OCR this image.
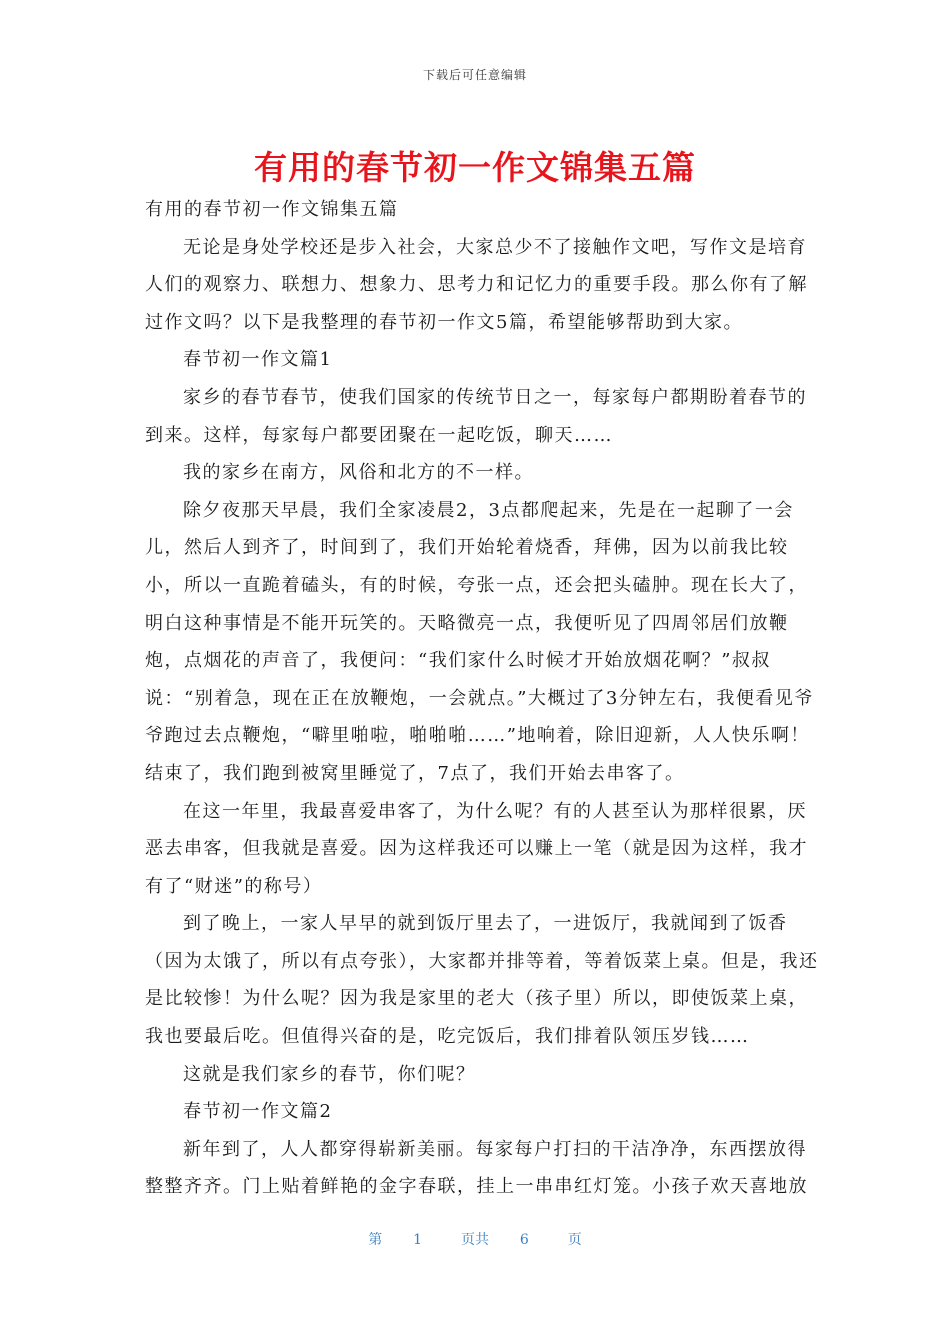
下载后可任意编辑
有用的春节初一作文锦集五篇

有用的春节初一作文锦集五篇

无论是身处学校还是步入社会，大家总少不了接触作文吧，写作文是培育人们的观察力、联想力、想象力、思考力和记忆力的重要手段。那么你有了解过作文吗？以下是我整理的春节初一作文5篇，希望能够帮助到大家。

春节初一作文篇1

家乡的春节春节，使我们国家的传统节日之一，每家每户都期盼着春节的到来。这样，每家每户都要团聚在一起吃饭，聊天……

我的家乡在南方，风俗和北方的不一样。

除夕夜那天早晨，我们全家凌晨2，3点都爬起来，先是在一起聊了一会儿，然后人到齐了，时间到了，我们开始轮着烧香，拜佛，因为以前我比较小，所以一直跪着磕头，有的时候，夸张一点，还会把头磕肿。现在长大了，明白这种事情是不能开玩笑的。天略微亮一点，我便听见了四周邻居们放鞭炮，点烟花的声音了，我便问：“我们家什么时候才开始放烟花啊？”叔叔说：“别着急，现在正在放鞭炮，一会就点。”大概过了3分钟左右，我便看见爷爷跑过去点鞭炮，“噼里啪啦，啪啪啪……”地响着，除旧迎新，人人快乐啊！结束了，我们跑到被窝里睡觉了，7点了，我们开始去串客了。

在这一年里，我最喜爱串客了，为什么呢？有的人甚至认为那样很累，厌恶去串客，但我就是喜爱。因为这样我还可以赚上一笔（就是因为这样，我才有了“财迷”的称号）

到了晚上，一家人早早的就到饭厅里去了，一进饭厅，我就闻到了饭香（因为太饿了，所以有点夸张），大家都并排等着，等着饭菜上桌。但是，我还是比较惨！为什么呢？因为我是家里的老大（孩子里）所以，即使饭菜上桌，我也要最后吃。但值得兴奋的是，吃完饭后，我们排着队领压岁钱……

这就是我们家乡的春节，你们呢？

春节初一作文篇2

新年到了，人人都穿得崭新美丽。每家每户打扫的干洁净净，东西摆放得整整齐齐。门上贴着鲜艳的金字春联，挂上一串串红灯笼。小孩子欢天喜地放

第 1	页共 6	页
